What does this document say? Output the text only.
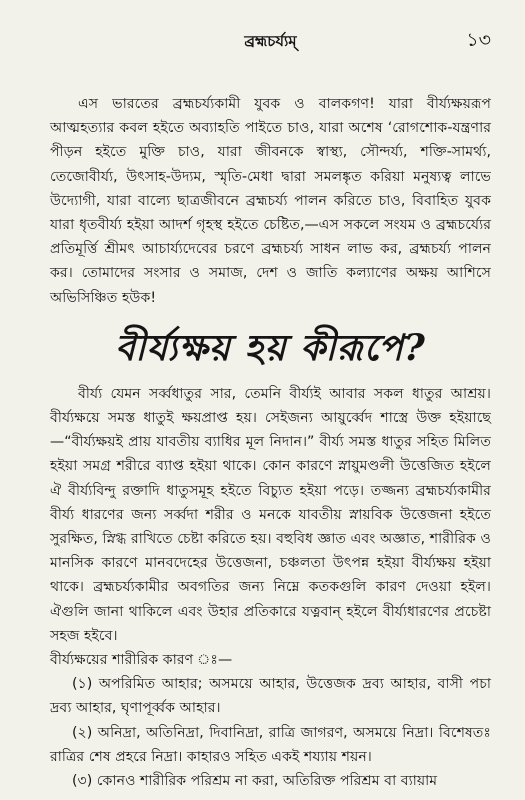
ব্রহ্মচর্য্যম্‌	১৩

এস ভারতের ব্রহ্মচর্য্যকামী যুবক ও বালকগণ! যারা বীর্য্যক্ষয়রূপ আত্মহত্যার কবল হইতে অব্যাহতি পাইতে চাও, যারা অশেষ ‘রোগশোক-যন্ত্রণার পীড়ন হইতে মুক্তি চাও, যারা জীবনকে স্বাস্থ্য, সৌন্দর্য্য, শক্তি-সামর্থ্য, তেজোবীর্য্য, উৎসাহ-উদ্যম, স্মৃতি-মেধা দ্বারা সমলঙ্কৃত করিয়া মনুষ্যত্ব লাভে উদ্যোগী, যারা বাল্যে ছাত্রজীবনে ব্রহ্মচর্য্য পালন করিতে চাও, বিবাহিত যুবক যারা ধৃতবীর্য্য হইয়া আদর্শ গৃহস্থ হইতে চেষ্টিত,—এস সকলে সংযম ও ব্রহ্মচর্য্যের প্রতিমূর্ত্তি শ্রীমৎ আচার্য্যদেবের চরণে ব্রহ্মচর্য্য সাধন লাভ কর, ব্রহ্মচর্য্য পালন কর। তোমাদের সংসার ও সমাজ, দেশ ও জাতি কল্যাণের অক্ষয় আশিসে অভিসিঞ্চিত হউক!

বীর্য্যক্ষয় হয় কীরূপে?

বীর্য্য যেমন সর্ব্বধাতুর সার, তেমনি বীর্য্যই আবার সকল ধাতুর আশ্রয়। বীর্য্যক্ষয়ে সমস্ত ধাতুই ক্ষয়প্রাপ্ত হয়। সেইজন্য আয়ুর্ব্বেদ শাস্ত্রে উক্ত হইয়াছে—“বীর্য্যক্ষয়ই প্রায় যাবতীয় ব্যাধির মূল নিদান।” বীর্য্য সমস্ত ধাতুর সহিত মিলিত হইয়া সমগ্র শরীরে ব্যাপ্ত হইয়া থাকে। কোন কারণে স্নায়ুমণ্ডলী উত্তেজিত হইলে ঐ বীর্য্যবিন্দু রক্তাদি ধাতুসমূহ হইতে বিচ্যুত হইয়া পড়ে। তজ্জন্য ব্রহ্মচর্য্যকামীর বীর্য্য ধারণের জন্য সর্ব্বদা শরীর ও মনকে যাবতীয় স্নায়বিক উত্তেজনা হইতে সুরক্ষিত, স্নিগ্ধ রাখিতে চেষ্টা করিতে হয়। বহুবিধ জ্ঞাত এবং অজ্ঞাত, শারীরিক ও মানসিক কারণে মানবদেহের উত্তেজনা, চঞ্চলতা উৎপন্ন হইয়া বীর্য্যক্ষয় হইয়া থাকে। ব্রহ্মচর্য্যকামীর অবগতির জন্য নিম্নে কতকগুলি কারণ দেওয়া হইল। ঐগুলি জানা থাকিলে এবং উহার প্রতিকারে যত্নবান্‌ হইলে বীর্য্যধারণের প্রচেষ্টা সহজ হইবে।

বীর্য্যক্ষয়ের শারীরিক কারণ ঃ—

(১) অপরিমিত আহার; অসময়ে আহার, উত্তেজক দ্রব্য আহার, বাসী পচা দ্রব্য আহার, ঘৃণাপূর্ব্বক আহার।

(২) অনিদ্রা, অতিনিদ্রা, দিবানিদ্রা, রাত্রি জাগরণ, অসময়ে নিদ্রা। বিশেষতঃ রাত্রির শেষ প্রহরে নিদ্রা। কাহারও সহিত একই শয্যায় শয়ন।

(৩) কোনও শারীরিক পরিশ্রম না করা, অতিরিক্ত পরিশ্রম বা ব্যায়াম
